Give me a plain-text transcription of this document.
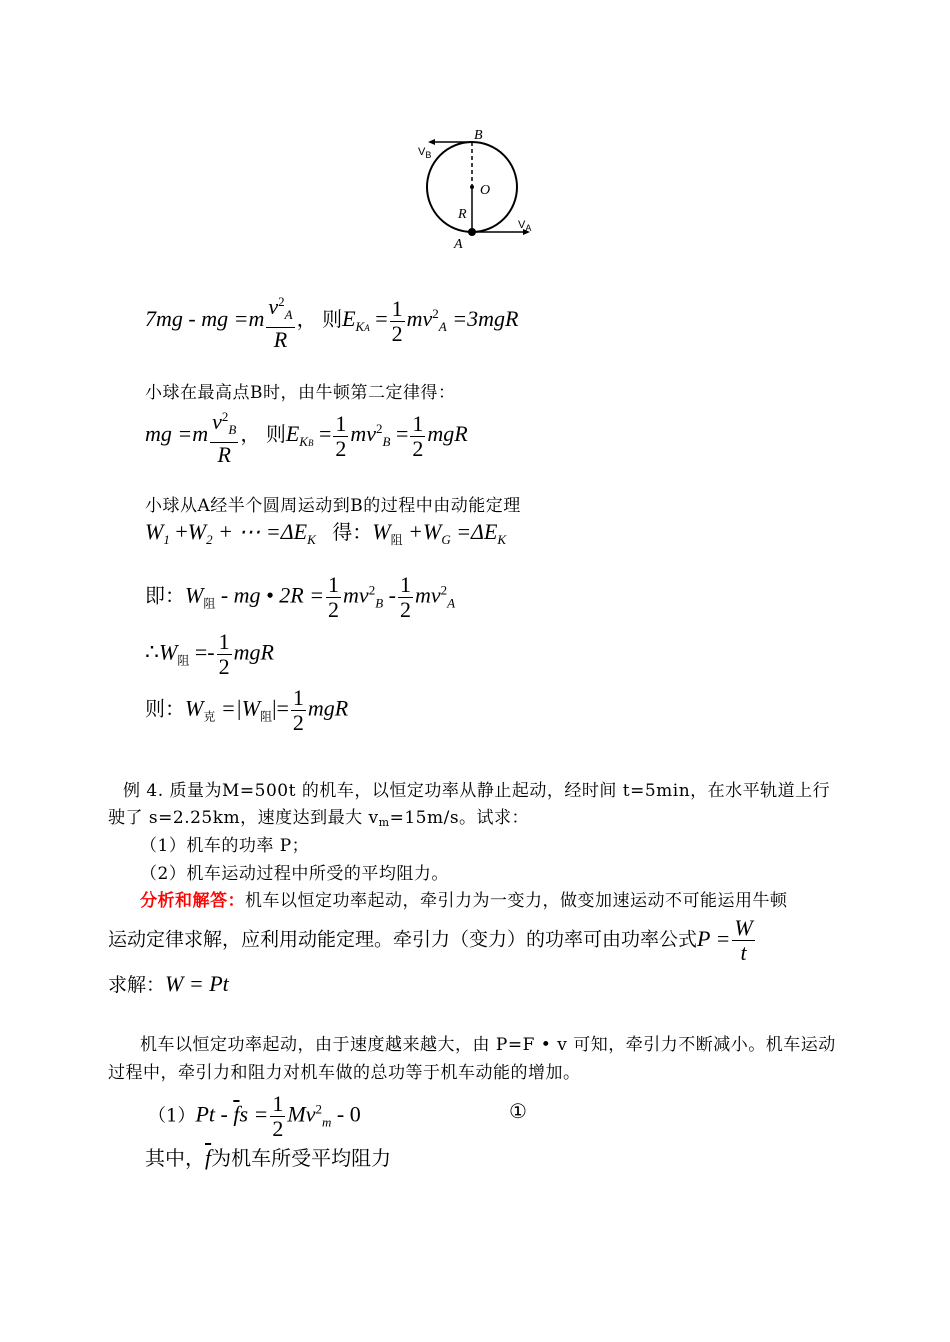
B
$V_B$
O
R
A
$V_A$
7mg - mg $=m \frac{v^2_A}{R}$ ， 则$E_{KA} = \frac{1}{2} mv^2_A =3mgR$
小球在最高点B时，由牛顿第二定律得：
mg $=m \frac{v^2_B}{R}$ ， 则$E_{KB} = \frac{1}{2} mv^2_B = \frac{1}{2}$ mgR
小球从A经半个圆周运动到B的过程中由动能定理
$W_1 +W_2$ + ⋯ $=\Delta E_K$ 得：$W_阻 +W_G =\Delta E_K$
即：$W_阻$ - mg • $2R = \frac{1}{2} mv^2_B - \frac{1}{2} mv^2_A$
$\therefore W_阻 =- \frac{1}{2}$ mgR
则：$W_克 =|W_阻|= \frac{1}{2}$ mgR
例 4. 质量为M=500t 的机车，以恒定功率从静止起动，经时间 t=5min，在水平轨道上行
驶了 s=2.25km，速度达到最大 vm=15m/s。试求：
（1）机车的功率 P；
（2）机车运动过程中所受的平均阻力。
分析和解答：机车以恒定功率起动，牵引力为一变力，做变加速运动不可能运用牛顿
运动定律求解，应利用动能定理。牵引力（变力）的功率可由功率公式$P = \frac{W}{t}$
求解：W = Pt
机车以恒定功率起动，由于速度越来越大，由 P=F • v 可知，牵引力不断减小。机车运动
过程中，牵引力和阻力对机车做的总功等于机车动能的增加。
$(1)Pt - \overline{f}s = \frac{1}{2} Mv^2_m - 0$	①
其中，$\overline{f}$为机车所受平均阻力
